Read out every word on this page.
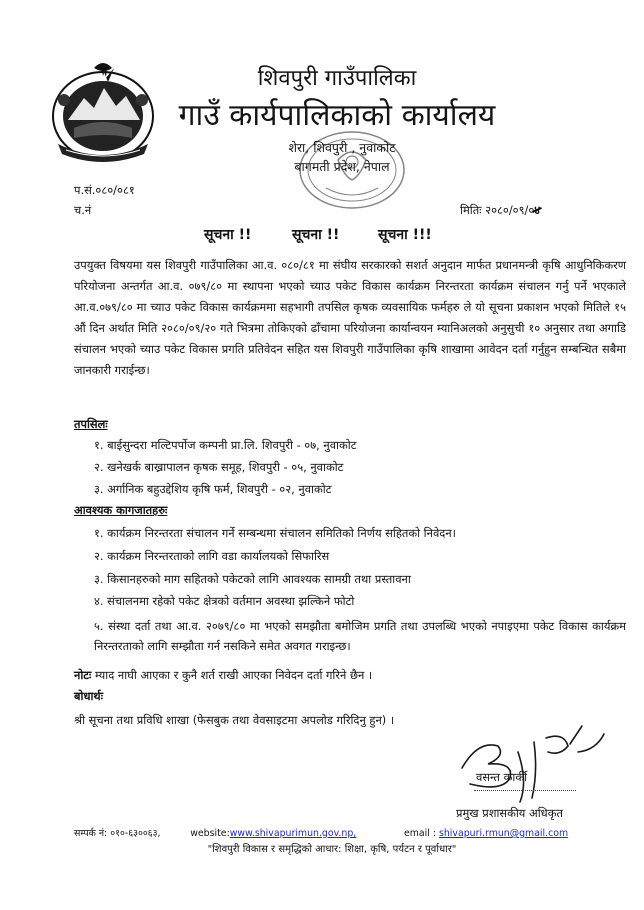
शिवपुरी गाउँपालिका
गाउँ कार्यपालिकाको कार्यालय
शेरा, शिवपुरी , नुवाकोट
बागमती प्रदेश, नेपाल
प.सं.०८०/०८१
च.नं	मितिः २०८०/०९/०४
सूचना !!	सूचना !!	सूचना !!!
उपयुक्त विषयमा यस शिवपुरी गाउँपालिका आ.व. ०८०/८१ मा संघीय सरकारको सशर्त अनुदान मार्फत प्रधानमन्त्री कृषि आधुनिकिकरण परियोजना अन्तर्गत आ.व. ०७९/८० मा स्थापना भएको च्याउ पकेट विकास कार्यक्रम निरन्तरता कार्यक्रम संचालन गर्नु पर्ने भएकाले आ.व.०७९/८० मा च्याउ पकेट विकास कार्यक्रममा सहभागी तपसिल कृषक व्यवसायिक फर्महरु ले यो सूचना प्रकाशन भएको मितिले १५ औं दिन अर्थात मिति २०८०/०९/२० गते भित्रमा तोकिएको ढाँचामा परियोजना कार्यान्वयन म्यानिअलको अनुसुची १० अनुसार तथा अगाडि संचालन भएको च्याउ पकेट विकास प्रगति प्रतिवेदन सहित यस शिवपुरी गाउँपालिका कृषि शाखामा आवेदन दर्ता गर्नुहुन सम्बन्धित सबैमा जानकारी गराईन्छ।
तपसिलः
१. बाईसुन्दरा मल्टिपर्पोज कम्पनी प्रा.लि. शिवपुरी - ०७, नुवाकोट
२. खनेखर्क बाख्रापालन कृषक समूह, शिवपुरी - ०५, नुवाकोट
३. अर्गानिक बहुउद्देशिय कृषि फर्म, शिवपुरी - ०२, नुवाकोट
आवश्यक कागजातहरुः
१. कार्यक्रम निरन्तरता संचालन गर्ने सम्बन्धमा संचालन समितिको निर्णय सहितको निवेदन।
२. कार्यक्रम निरन्तरताको लागि वडा कार्यालयको सिफारिस
३. किसानहरुको माग सहितको पकेटको लागि आवश्यक सामग्री तथा प्रस्तावना
४. संचालनमा रहेको पकेट क्षेत्रको वर्तमान अवस्था झल्किने फोटो
५. संस्था दर्ता तथा आ.व. २०७९/८० मा भएको समझौता बमोजिम प्रगति तथा उपलब्धि भएको नपाइएमा पकेट विकास कार्यक्रम निरन्तरताको लागि सम्झौता गर्न नसकिने समेत अवगत गराइन्छ।
नोटः म्याद नाघी आएका र कुनै शर्त राखी आएका निवेदन दर्ता गरिने छैन ।
बोधार्थः
श्री सूचना तथा प्रविधि शाखा (फेसबुक तथा वेवसाइटमा अपलोड गरिदिनु हुन) ।
वसन्त कार्की
प्रमुख प्रशासकीय अधिकृत
सम्पर्क नं: ०१०-६३००६३,	website:www.shivapurimun.gov.np,	email : shivapuri.rmun@gmail.com
"शिवपुरी विकास र समृद्धिको आधार: शिक्षा, कृषि, पर्यटन र पूर्वाधार"
